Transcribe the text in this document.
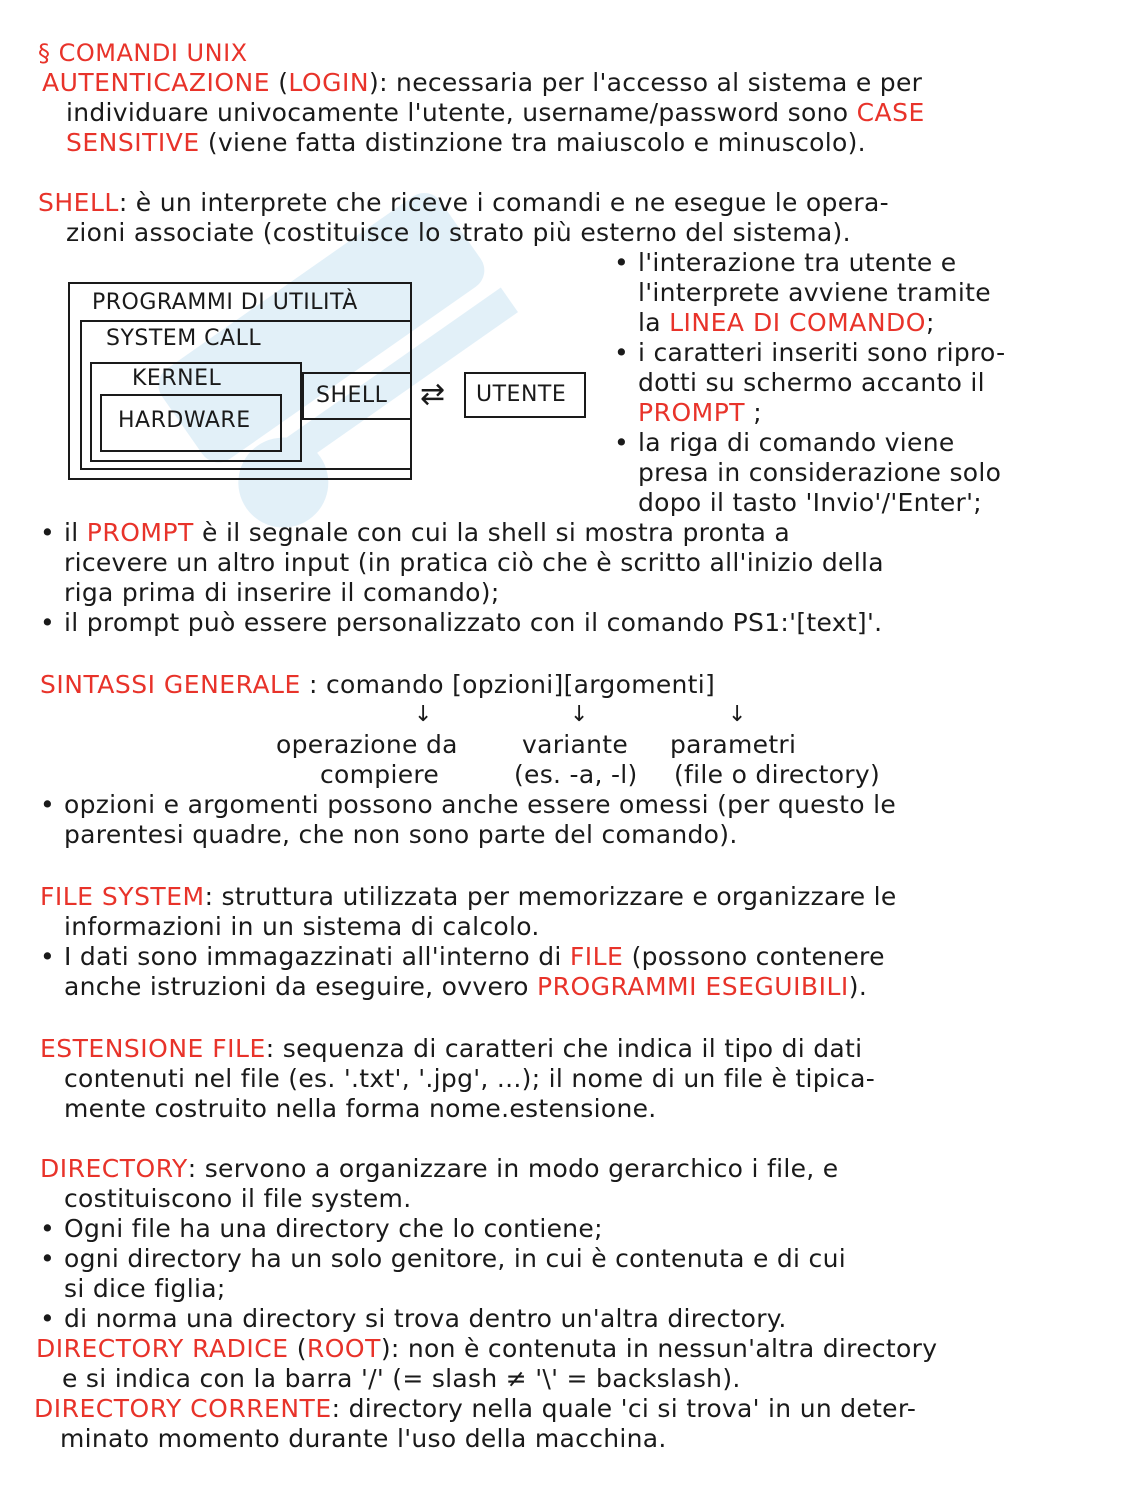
§ COMANDI UNIX
AUTENTICAZIONE (LOGIN): necessaria per l'accesso al sistema e per
individuare univocamente l'utente, username/password sono CASE
SENSITIVE (viene fatta distinzione tra maiuscolo e minuscolo).
SHELL: è un interprete che riceve i comandi e ne esegue le opera-
zioni associate (costituisce lo strato più esterno del sistema).
PROGRAMMI DI UTILITÀ
SYSTEM CALL
KERNEL
HARDWARE
SHELL ⇄ UTENTE
• l'interazione tra utente e
l'interprete avviene tramite
la LINEA DI COMANDO;
• i caratteri inseriti sono ripro-
dotti su schermo accanto il
PROMPT ;
• la riga di comando viene
presa in considerazione solo
dopo il tasto 'Invio'/'Enter';
• il PROMPT è il segnale con cui la shell si mostra pronta a
ricevere un altro input (in pratica ciò che è scritto all'inizio della
riga prima di inserire il comando);
• il prompt può essere personalizzato con il comando PS1:'[text]'.
SINTASSI GENERALE : comando [opzioni][argomenti]
↓	↓	↓
operazione da
compiere
variante
(es. -a, -l)
parametri
(file o directory)
• opzioni e argomenti possono anche essere omessi (per questo le
parentesi quadre, che non sono parte del comando).
FILE SYSTEM: struttura utilizzata per memorizzare e organizzare le
informazioni in un sistema di calcolo.
• I dati sono immagazzinati all'interno di FILE (possono contenere
anche istruzioni da eseguire, ovvero PROGRAMMI ESEGUIBILI).
ESTENSIONE FILE: sequenza di caratteri che indica il tipo di dati
contenuti nel file (es. '.txt', '.jpg', ...); il nome di un file è tipica-
mente costruito nella forma nome.estensione.
DIRECTORY: servono a organizzare in modo gerarchico i file, e
costituiscono il file system.
• Ogni file ha una directory che lo contiene;
• ogni directory ha un solo genitore, in cui è contenuta e di cui
si dice figlia;
• di norma una directory si trova dentro un'altra directory.
DIRECTORY RADICE (ROOT): non è contenuta in nessun'altra directory
e si indica con la barra '/' (= slash ≠ '\' = backslash).
DIRECTORY CORRENTE: directory nella quale 'ci si trova' in un deter-
minato momento durante l'uso della macchina.
